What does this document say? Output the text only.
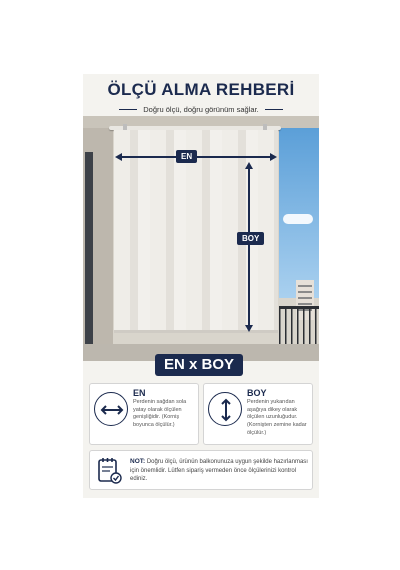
ÖLÇÜ ALMA REHBERİ
Doğru ölçü, doğru görünüm sağlar.
EN
BOY
EN x BOY
EN
Perdenin sağdan sola yatay olarak ölçülen genişliğidir. (Korniş boyunca ölçülür.)
BOY
Perdenin yukarıdan aşağıya dikey olarak ölçülen uzunluğudur. (Kornişten zemine kadar ölçülür.)
NOT: Doğru ölçü, ürünün balkonunuza uygun şekilde hazırlanması için önemlidir. Lütfen sipariş vermeden önce ölçülerinizi kontrol ediniz.
